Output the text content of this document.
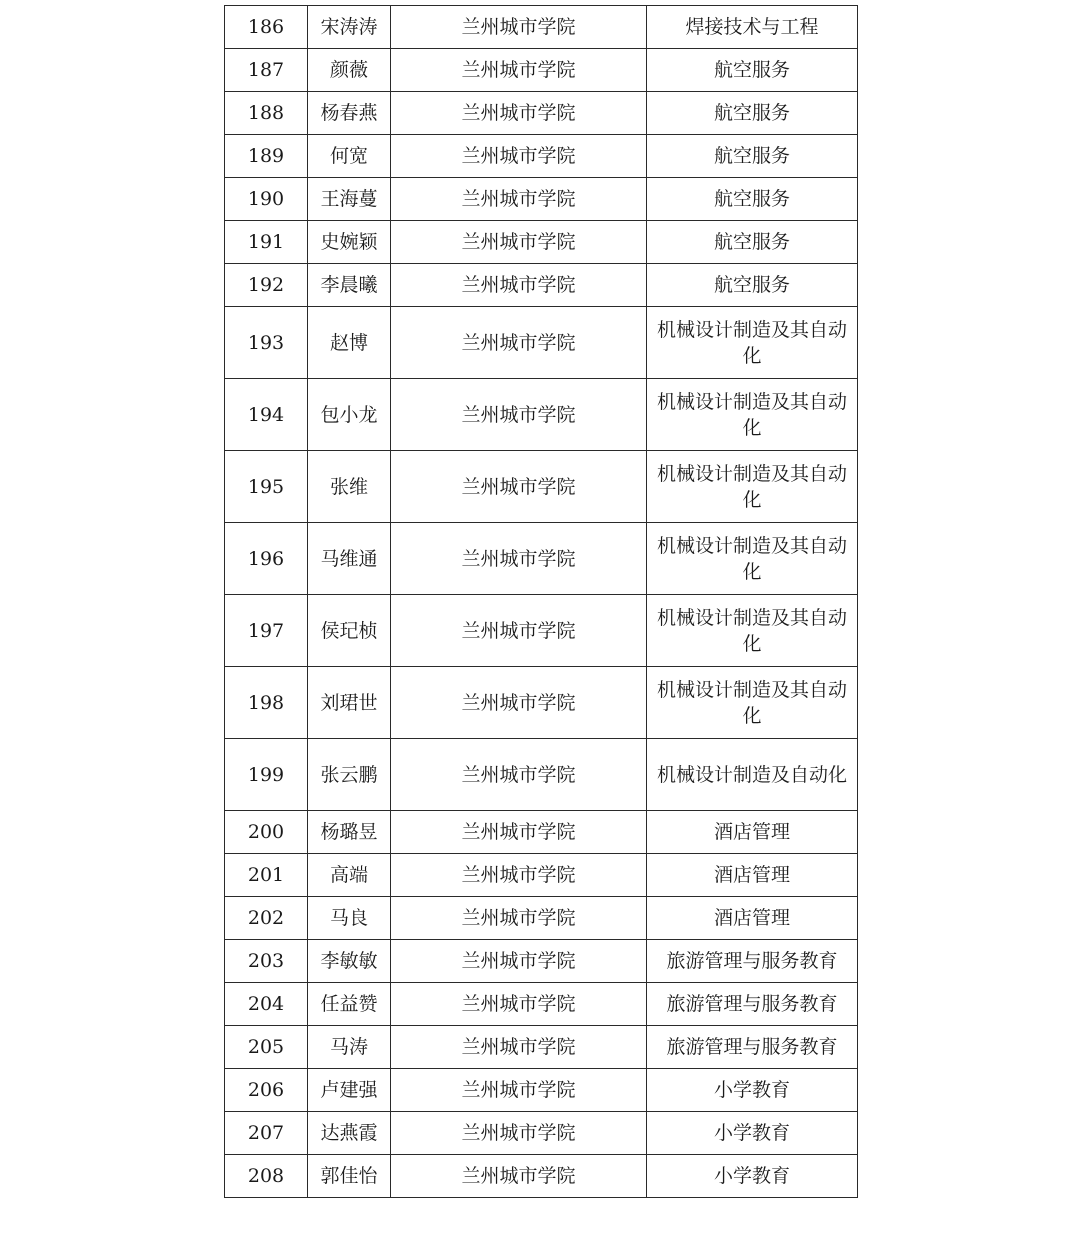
186	宋涛涛	兰州城市学院	焊接技术与工程
187	颜薇	兰州城市学院	航空服务
188	杨春燕	兰州城市学院	航空服务
189	何宽	兰州城市学院	航空服务
190	王海蔓	兰州城市学院	航空服务
191	史婉颖	兰州城市学院	航空服务
192	李晨曦	兰州城市学院	航空服务
193	赵博	兰州城市学院	机械设计制造及其自动化
194	包小龙	兰州城市学院	机械设计制造及其自动化
195	张维	兰州城市学院	机械设计制造及其自动化
196	马维通	兰州城市学院	机械设计制造及其自动化
197	侯玘桢	兰州城市学院	机械设计制造及其自动化
198	刘珺世	兰州城市学院	机械设计制造及其自动化
199	张云鹏	兰州城市学院	机械设计制造及自动化
200	杨璐昱	兰州城市学院	酒店管理
201	高端	兰州城市学院	酒店管理
202	马良	兰州城市学院	酒店管理
203	李敏敏	兰州城市学院	旅游管理与服务教育
204	任益赞	兰州城市学院	旅游管理与服务教育
205	马涛	兰州城市学院	旅游管理与服务教育
206	卢建强	兰州城市学院	小学教育
207	达燕霞	兰州城市学院	小学教育
208	郭佳怡	兰州城市学院	小学教育
